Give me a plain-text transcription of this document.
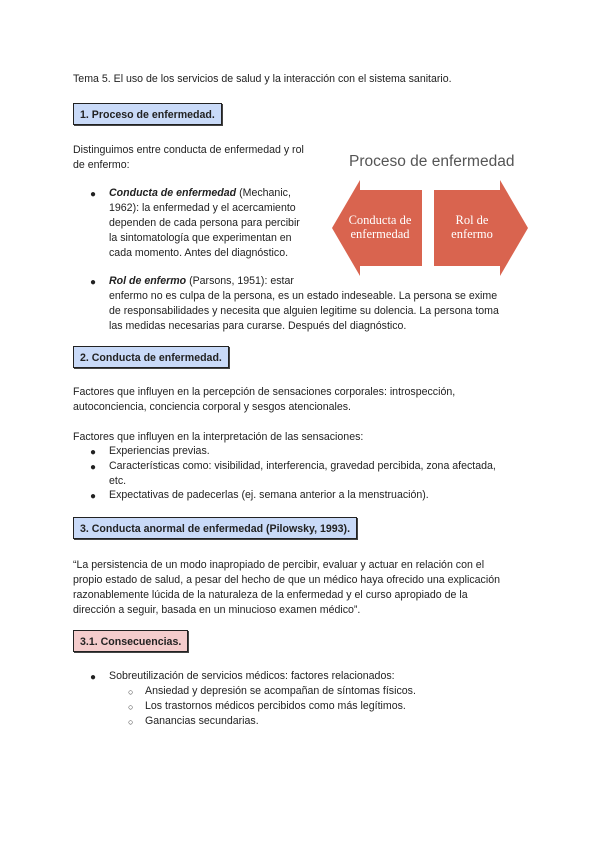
Tema 5. El uso de los servicios de salud y la interacción con el sistema sanitario.
1. Proceso de enfermedad.
Distinguimos entre conducta de enfermedad y rol
de enfermo:
● Conducta de enfermedad (Mechanic,
1962): la enfermedad y el acercamiento
dependen de cada persona para percibir
la sintomatología que experimentan en
cada momento. Antes del diagnóstico.
● Rol de enfermo (Parsons, 1951): estar
enfermo no es culpa de la persona, es un estado indeseable. La persona se exime
de responsabilidades y necesita que alguien legitime su dolencia. La persona toma
las medidas necesarias para curarse. Después del diagnóstico.
Proceso de enfermedad
Conducta de
enfermedad
Rol de
enfermo
2. Conducta de enfermedad.
Factores que influyen en la percepción de sensaciones corporales: introspección,
autoconciencia, conciencia corporal y sesgos atencionales.
Factores que influyen en la interpretación de las sensaciones:
● Experiencias previas.
● Características como: visibilidad, interferencia, gravedad percibida, zona afectada,
etc.
● Expectativas de padecerlas (ej. semana anterior a la menstruación).
3. Conducta anormal de enfermedad (Pilowsky, 1993).
“La persistencia de un modo inapropiado de percibir, evaluar y actuar en relación con el
propio estado de salud, a pesar del hecho de que un médico haya ofrecido una explicación
razonablemente lúcida de la naturaleza de la enfermedad y el curso apropiado de la
dirección a seguir, basada en un minucioso examen médico”.
3.1. Consecuencias.
● Sobreutilización de servicios médicos: factores relacionados:
○ Ansiedad y depresión se acompañan de síntomas físicos.
○ Los trastornos médicos percibidos como más legítimos.
○ Ganancias secundarias.
